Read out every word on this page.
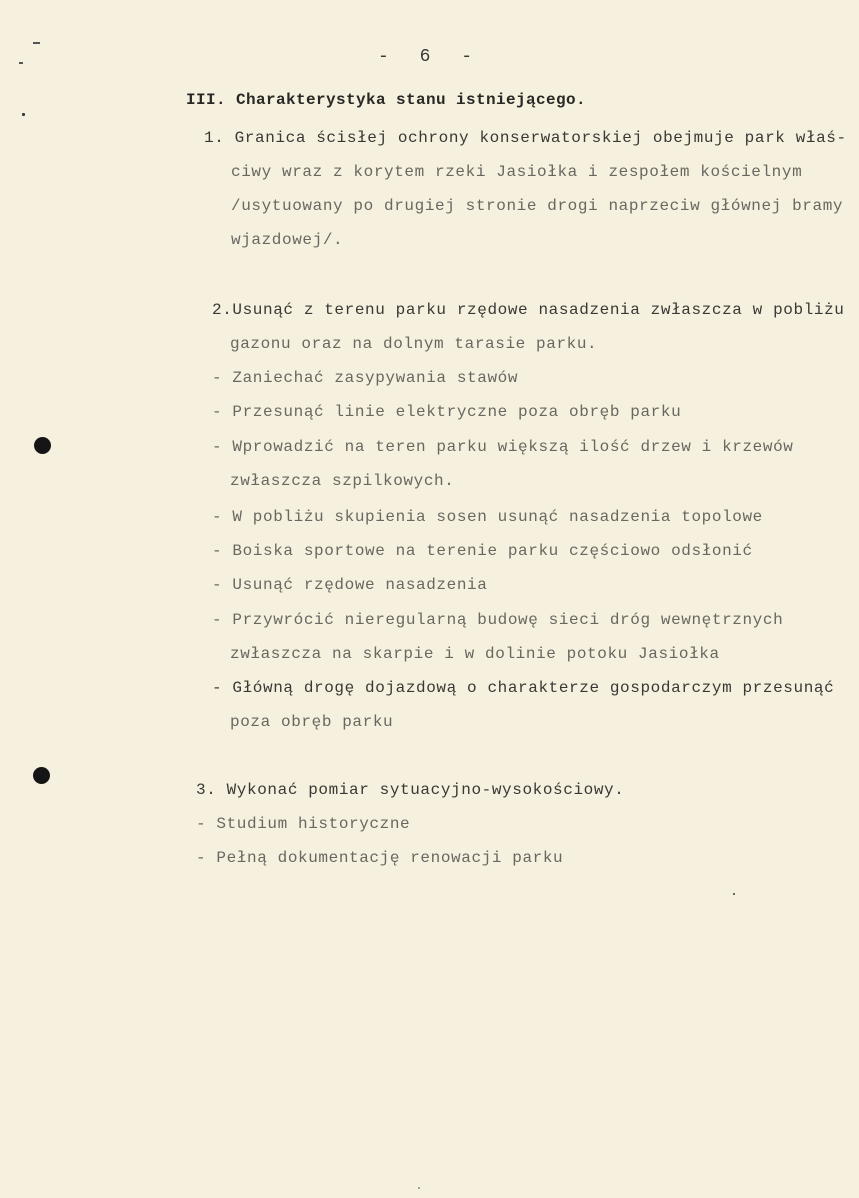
- 6 -
III. Charakterystyka stanu istniejącego.
1. Granica ścisłej ochrony konserwatorskiej obejmuje park właś-
ciwy wraz z korytem rzeki Jasiołka i zespołem kościelnym
/usytuowany po drugiej stronie drogi naprzeciw głównej bramy
wjazdowej/.
2.Usunąć z terenu parku rzędowe nasadzenia zwłaszcza w pobliżu
gazonu oraz na dolnym tarasie parku.
- Zaniechać zasypywania stawów
- Przesunąć linie elektryczne poza obręb parku
- Wprowadzić na teren parku większą ilość drzew i krzewów
zwłaszcza szpilkowych.
- W pobliżu skupienia sosen usunąć nasadzenia topolowe
- Boiska sportowe na terenie parku częściowo odsłonić
- Usunąć rzędowe nasadzenia
- Przywrócić nieregularną budowę sieci dróg wewnętrznych
zwłaszcza na skarpie i w dolinie potoku Jasiołka
- Główną drogę dojazdową o charakterze gospodarczym przesunąć
poza obręb parku
3. Wykonać pomiar sytuacyjno-wysokościowy.
- Studium historyczne
- Pełną dokumentację renowacji parku
